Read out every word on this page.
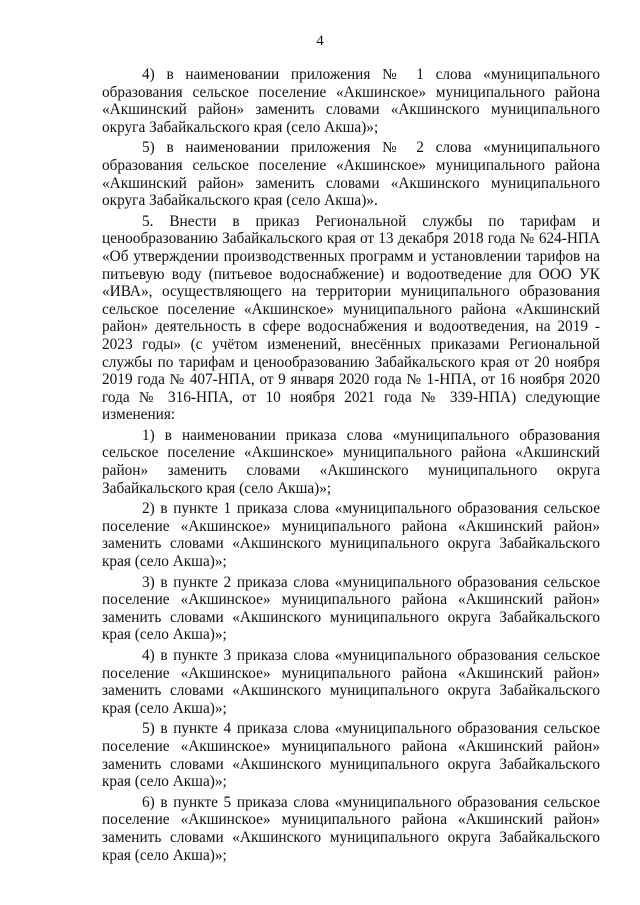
4

4) в наименовании приложения № 1 слова «муниципального образования сельское поселение «Акшинское» муниципального района «Акшинский район» заменить словами «Акшинского муниципального округа Забайкальского края (село Акша)»;

5) в наименовании приложения № 2 слова «муниципального образования сельское поселение «Акшинское» муниципального района «Акшинский район» заменить словами «Акшинского муниципального округа Забайкальского края (село Акша)».

5. Внести в приказ Региональной службы по тарифам и ценообразованию Забайкальского края от 13 декабря 2018 года № 624-НПА «Об утверждении производственных программ и установлении тарифов на питьевую воду (питьевое водоснабжение) и водоотведение для ООО УК «ИВА», осуществляющего на территории муниципального образования сельское поселение «Акшинское» муниципального района «Акшинский район» деятельность в сфере водоснабжения и водоотведения, на 2019 - 2023 годы» (с учётом изменений, внесённых приказами Региональной службы по тарифам и ценообразованию Забайкальского края от 20 ноября 2019 года № 407-НПА, от 9 января 2020 года № 1-НПА, от 16 ноября 2020 года № 316-НПА, от 10 ноября 2021 года № 339-НПА) следующие изменения:

1) в наименовании приказа слова «муниципального образования сельское поселение «Акшинское» муниципального района «Акшинский район» заменить словами «Акшинского муниципального округа Забайкальского края (село Акша)»;

2) в пункте 1 приказа слова «муниципального образования сельское поселение «Акшинское» муниципального района «Акшинский район» заменить словами «Акшинского муниципального округа Забайкальского края (село Акша)»;

3) в пункте 2 приказа слова «муниципального образования сельское поселение «Акшинское» муниципального района «Акшинский район» заменить словами «Акшинского муниципального округа Забайкальского края (село Акша)»;

4) в пункте 3 приказа слова «муниципального образования сельское поселение «Акшинское» муниципального района «Акшинский район» заменить словами «Акшинского муниципального округа Забайкальского края (село Акша)»;

5) в пункте 4 приказа слова «муниципального образования сельское поселение «Акшинское» муниципального района «Акшинский район» заменить словами «Акшинского муниципального округа Забайкальского края (село Акша)»;

6) в пункте 5 приказа слова «муниципального образования сельское поселение «Акшинское» муниципального района «Акшинский район» заменить словами «Акшинского муниципального округа Забайкальского края (село Акша)»;
